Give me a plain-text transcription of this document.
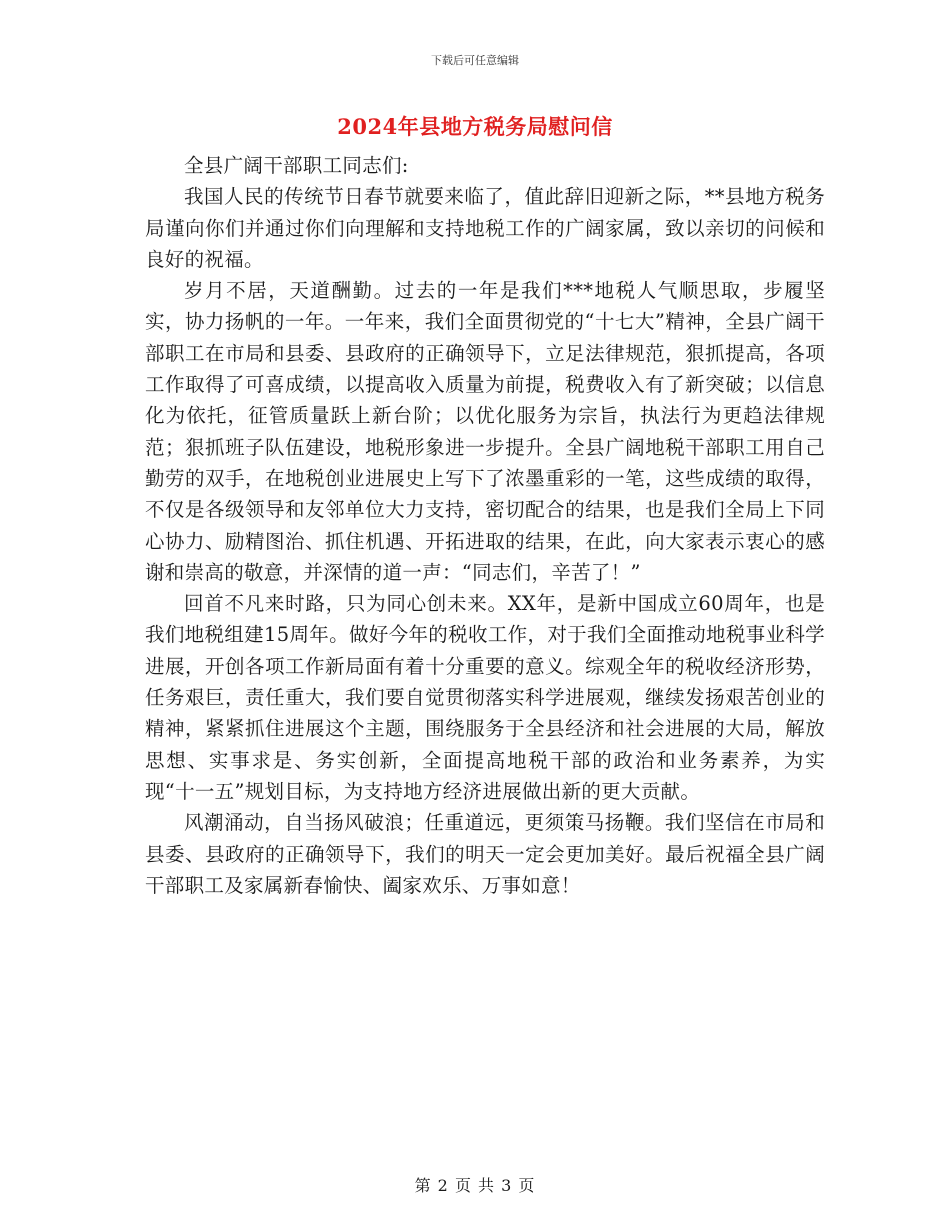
下载后可任意编辑
2024年县地方税务局慰问信

全县广阔干部职工同志们:

我国人民的传统节日春节就要来临了，值此辞旧迎新之际，**县地方税务局谨向你们并通过你们向理解和支持地税工作的广阔家属，致以亲切的问候和良好的祝福。

岁月不居，天道酬勤。过去的一年是我们***地税人气顺思取，步履坚实，协力扬帆的一年。一年来，我们全面贯彻党的“十七大”精神，全县广阔干部职工在市局和县委、县政府的正确领导下，立足法律规范，狠抓提高，各项工作取得了可喜成绩，以提高收入质量为前提，税费收入有了新突破；以信息化为依托，征管质量跃上新台阶；以优化服务为宗旨，执法行为更趋法律规范；狠抓班子队伍建设，地税形象进一步提升。全县广阔地税干部职工用自己勤劳的双手，在地税创业进展史上写下了浓墨重彩的一笔，这些成绩的取得，不仅是各级领导和友邻单位大力支持，密切配合的结果，也是我们全局上下同心协力、励精图治、抓住机遇、开拓进取的结果，在此，向大家表示衷心的感谢和崇高的敬意，并深情的道一声：“同志们，辛苦了！”

回首不凡来时路，只为同心创未来。XX年，是新中国成立60周年，也是我们地税组建15周年。做好今年的税收工作，对于我们全面推动地税事业科学进展，开创各项工作新局面有着十分重要的意义。综观全年的税收经济形势，任务艰巨，责任重大，我们要自觉贯彻落实科学进展观，继续发扬艰苦创业的精神，紧紧抓住进展这个主题，围绕服务于全县经济和社会进展的大局，解放思想、实事求是、务实创新，全面提高地税干部的政治和业务素养，为实现“十一五”规划目标，为支持地方经济进展做出新的更大贡献。

风潮涌动，自当扬风破浪；任重道远，更须策马扬鞭。我们坚信在市局和县委、县政府的正确领导下，我们的明天一定会更加美好。最后祝福全县广阔干部职工及家属新春愉快、阖家欢乐、万事如意！

第 2 页 共 3 页
